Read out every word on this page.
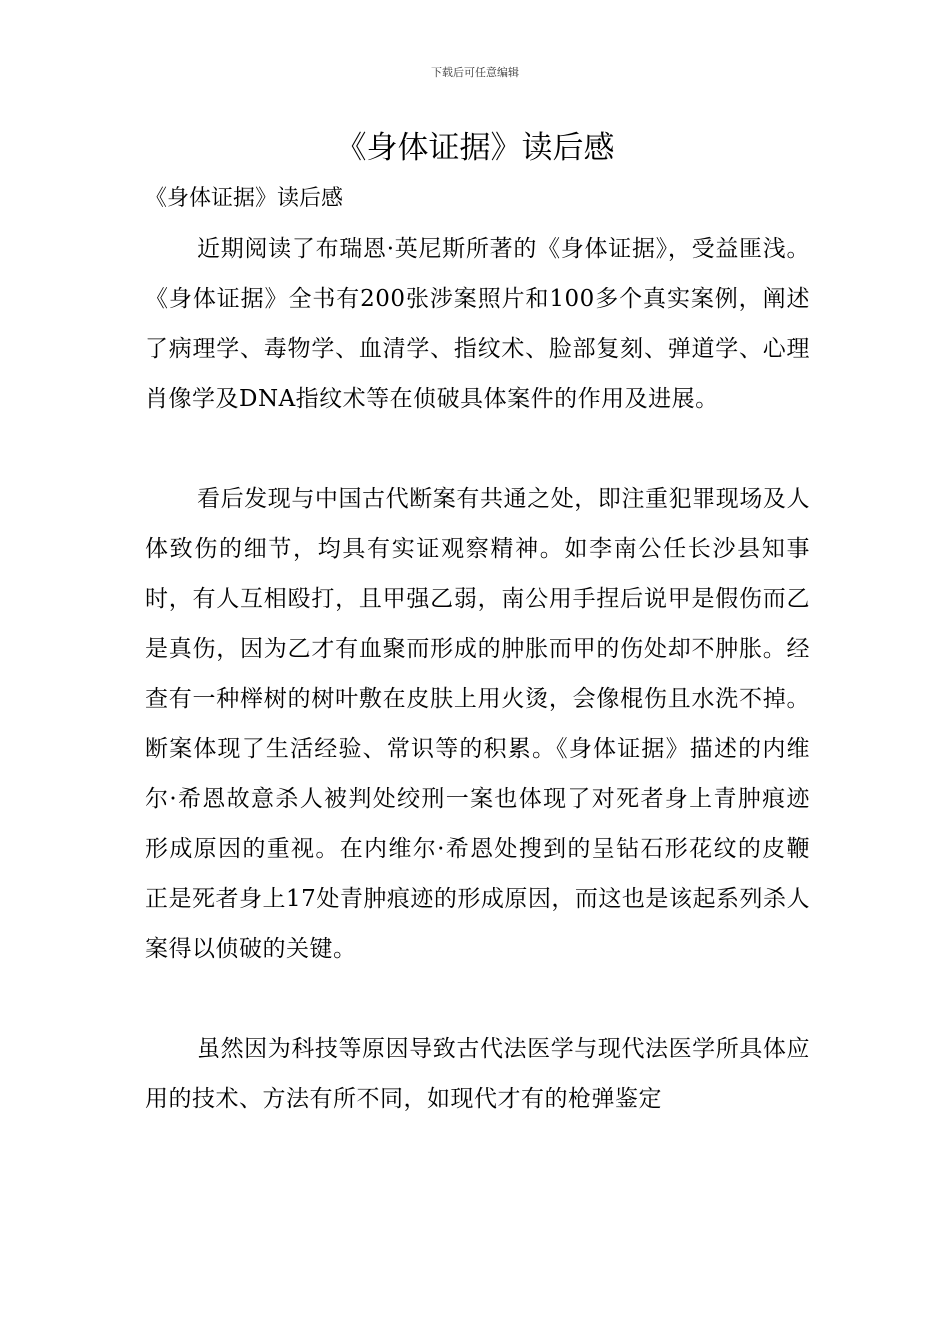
下载后可任意编辑
《身体证据》读后感
《身体证据》读后感

近期阅读了布瑞恩·英尼斯所著的《身体证据》，受益匪浅。《身体证据》全书有200张涉案照片和100多个真实案例，阐述了病理学、毒物学、血清学、指纹术、脸部复刻、弹道学、心理肖像学及DNA指纹术等在侦破具体案件的作用及进展。

看后发现与中国古代断案有共通之处，即注重犯罪现场及人体致伤的细节，均具有实证观察精神。如李南公任长沙县知事时，有人互相殴打，且甲强乙弱，南公用手捏后说甲是假伤而乙是真伤，因为乙才有血聚而形成的肿胀而甲的伤处却不肿胀。经查有一种榉树的树叶敷在皮肤上用火烫，会像棍伤且水洗不掉。断案体现了生活经验、常识等的积累。《身体证据》描述的内维尔·希恩故意杀人被判处绞刑一案也体现了对死者身上青肿痕迹形成原因的重视。在内维尔·希恩处搜到的呈钻石形花纹的皮鞭正是死者身上17处青肿痕迹的形成原因，而这也是该起系列杀人案得以侦破的关键。

虽然因为科技等原因导致古代法医学与现代法医学所具体应用的技术、方法有所不同，如现代才有的枪弹鉴定
